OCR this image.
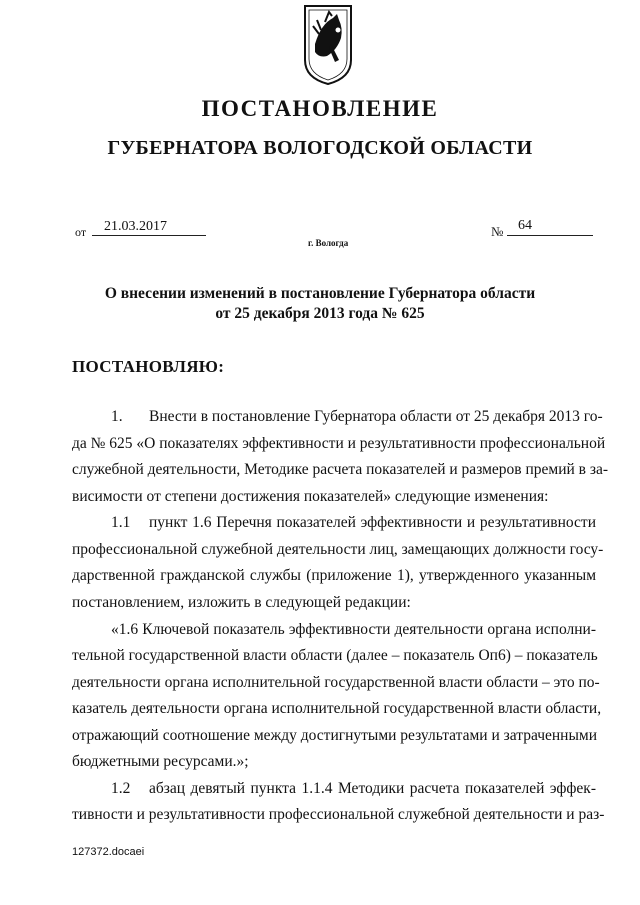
ПОСТАНОВЛЕНИЕ
ГУБЕРНАТОРА ВОЛОГОДСКОЙ ОБЛАСТИ
от 21.03.2017	№ 64
г. Вологда
О внесении изменений в постановление Губернатора области
от 25 декабря 2013 года № 625
ПОСТАНОВЛЯЮ:
1. Внести в постановление Губернатора области от 25 декабря 2013 го-
да № 625 «О показателях эффективности и результативности профессиональной
служебной деятельности, Методике расчета показателей и размеров премий в за-
висимости от степени достижения показателей» следующие изменения:
1.1 пункт 1.6 Перечня показателей эффективности и результативности
профессиональной служебной деятельности лиц, замещающих должности госу-
дарственной гражданской службы (приложение 1), утвержденного указанным
постановлением, изложить в следующей редакции:
«1.6 Ключевой показатель эффективности деятельности органа исполни-
тельной государственной власти области (далее – показатель Оп6) – показатель
деятельности органа исполнительной государственной власти области – это по-
казатель деятельности органа исполнительной государственной власти области,
отражающий соотношение между достигнутыми результатами и затраченными
бюджетными ресурсами.»;
1.2 абзац девятый пункта 1.1.4 Методики расчета показателей эффек-
тивности и результативности профессиональной служебной деятельности и раз-
127372.docaei
